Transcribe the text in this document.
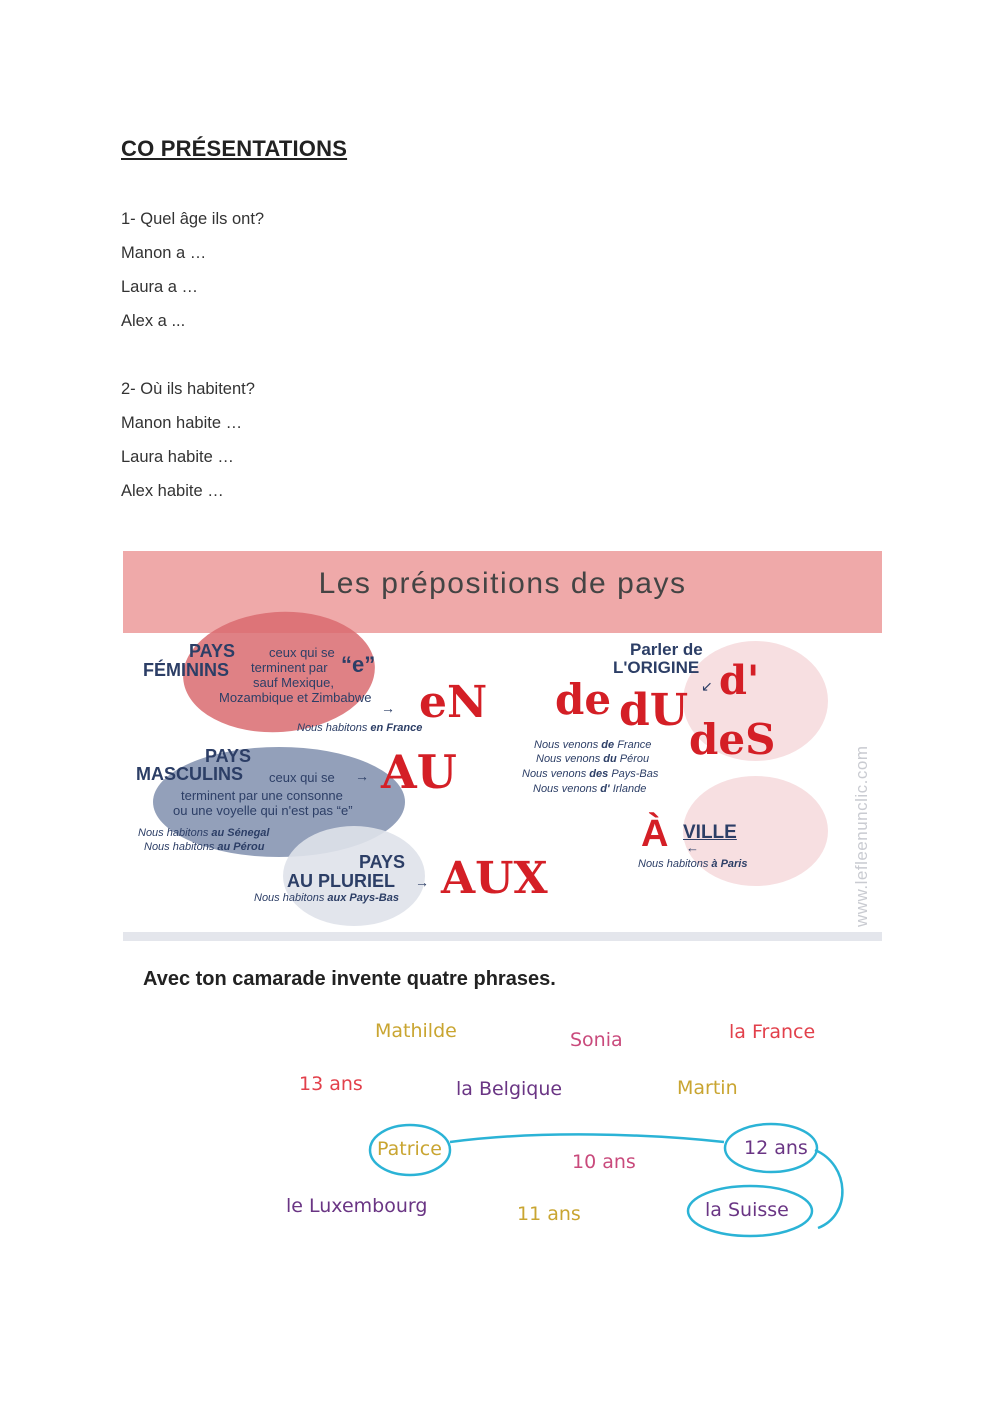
CO PRÉSENTATIONS
1- Quel âge ils ont?
Manon a …
Laura a …
Alex a ...
2- Où ils habitent?
Manon habite …
Laura habite …
Alex habite …
Les prépositions de pays
PAYS
FÉMININS
ceux qui se
terminent par “e”
sauf Mexique,
Mozambique et Zimbabwe
→ eN
Nous habitons en France
PAYS
MASCULINS ceux qui se → AU
terminent par une consonne
ou une voyelle qui n'est pas “e”
Nous habitons au Sénegal
Nous habitons au Pérou
PAYS
AU PLURIEL → AUX
Nous habitons aux Pays-Bas
Parler de
L'ORIGINE
↙
de dU
deS
d'
Nous venons de France
Nous venons du Pérou
Nous venons des Pays-Bas
Nous venons d' Irlande
À VILLE
←
Nous habitons à Paris	www.lefleenunclic.com
Avec ton camarade invente quatre phrases.
Mathilde	Sonia	la France
13 ans	la Belgique	Martin
Patrice
10 ans
12 ans
le Luxembourg	11 ans	la Suisse
